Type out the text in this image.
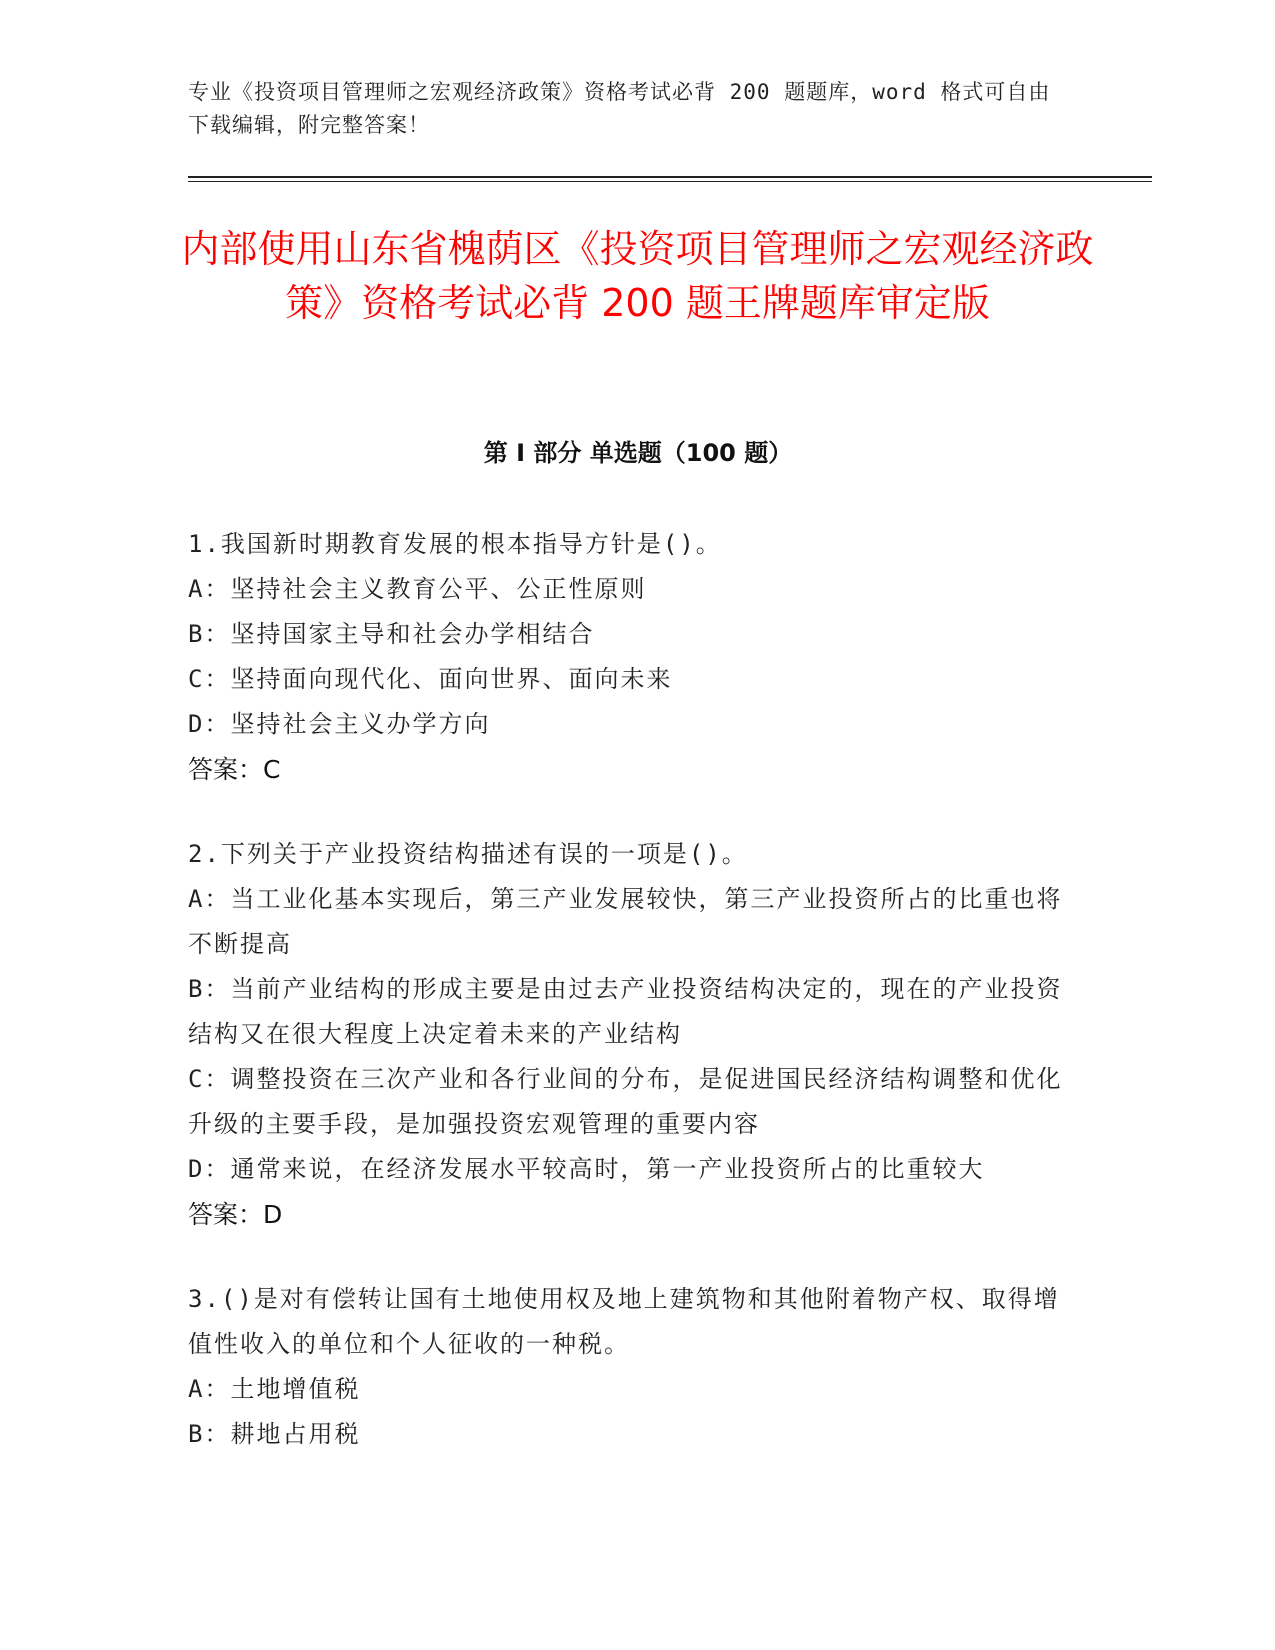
专业《投资项目管理师之宏观经济政策》资格考试必背 200 题题库，word 格式可自由下载编辑，附完整答案！
内部使用山东省槐荫区《投资项目管理师之宏观经济政策》资格考试必背 200 题王牌题库审定版
第 I 部分 单选题（100 题）
1.我国新时期教育发展的根本指导方针是()。
A：坚持社会主义教育公平、公正性原则
B：坚持国家主导和社会办学相结合
C：坚持面向现代化、面向世界、面向未来
D：坚持社会主义办学方向
答案：C
2.下列关于产业投资结构描述有误的一项是()。
A：当工业化基本实现后，第三产业发展较快，第三产业投资所占的比重也将不断提高
B：当前产业结构的形成主要是由过去产业投资结构决定的，现在的产业投资结构又在很大程度上决定着未来的产业结构
C：调整投资在三次产业和各行业间的分布，是促进国民经济结构调整和优化升级的主要手段，是加强投资宏观管理的重要内容
D：通常来说，在经济发展水平较高时，第一产业投资所占的比重较大
答案：D
3.()是对有偿转让国有土地使用权及地上建筑物和其他附着物产权、取得增值性收入的单位和个人征收的一种税。
A：土地增值税
B：耕地占用税
